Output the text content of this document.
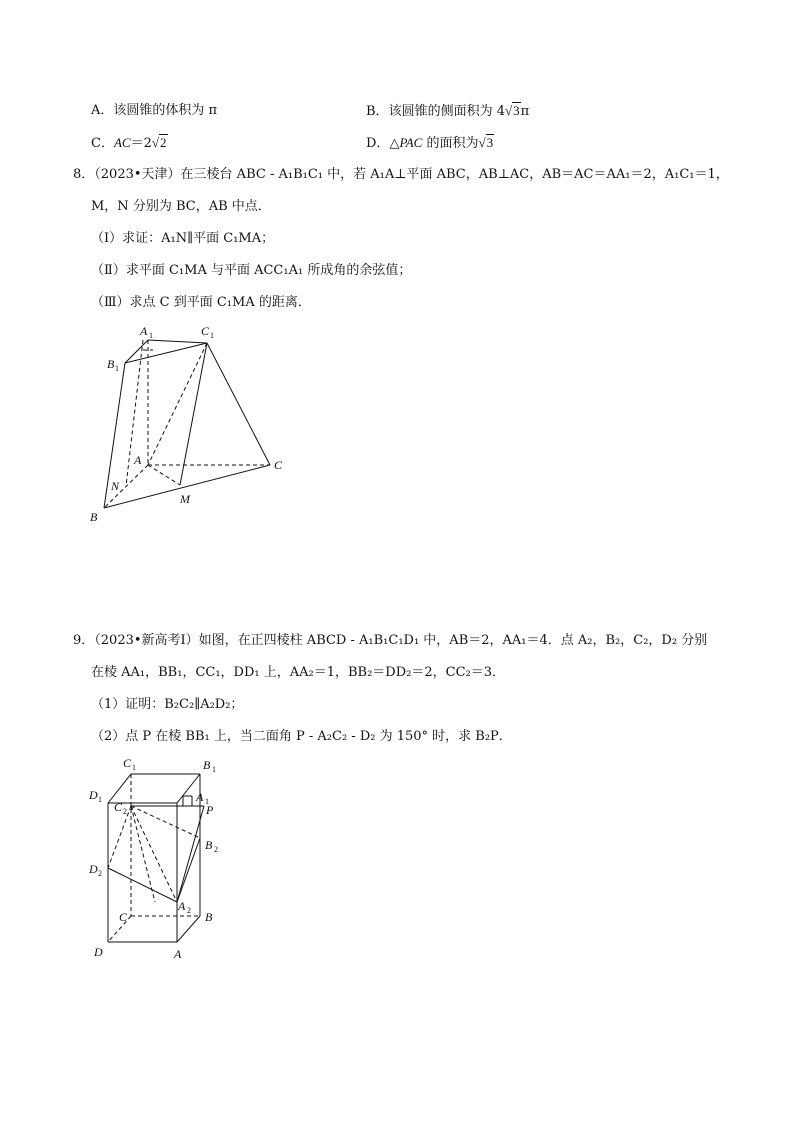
A．该圆锥的体积为 π	B．该圆锥的侧面积为 4√3π
C．AC＝2√2	D．△PAC 的面积为√3
8．（2023•天津）在三棱台 ABC - A₁B₁C₁ 中，若 A₁A⊥平面 ABC，AB⊥AC，AB＝AC＝AA₁＝2，A₁C₁＝1，
M，N 分别为 BC，AB 中点．
（Ⅰ）求证：A₁N∥平面 C₁MA；
（Ⅱ）求平面 C₁MA 与平面 ACC₁A₁ 所成角的余弦值；
（Ⅲ）求点 C 到平面 C₁MA 的距离．
A 1	C 1
B 1
A	C
N
M
B
9．（2023•新高考Ⅰ）如图，在正四棱柱 ABCD - A₁B₁C₁D₁ 中，AB＝2，AA₁＝4．点 A₂，B₂，C₂，D₂ 分别
在棱 AA₁，BB₁，CC₁，DD₁ 上，AA₂＝1，BB₂＝DD₂＝2，CC₂＝3．
（1）证明：B₂C₂∥A₂D₂；
（2）点 P 在棱 BB₁ 上，当二面角 P - A₂C₂ - D₂ 为 150° 时，求 B₂P．
C 1	B 1
D 1
C 2
A 1
P
B 2
D 2
A 2
C	B
D	A
